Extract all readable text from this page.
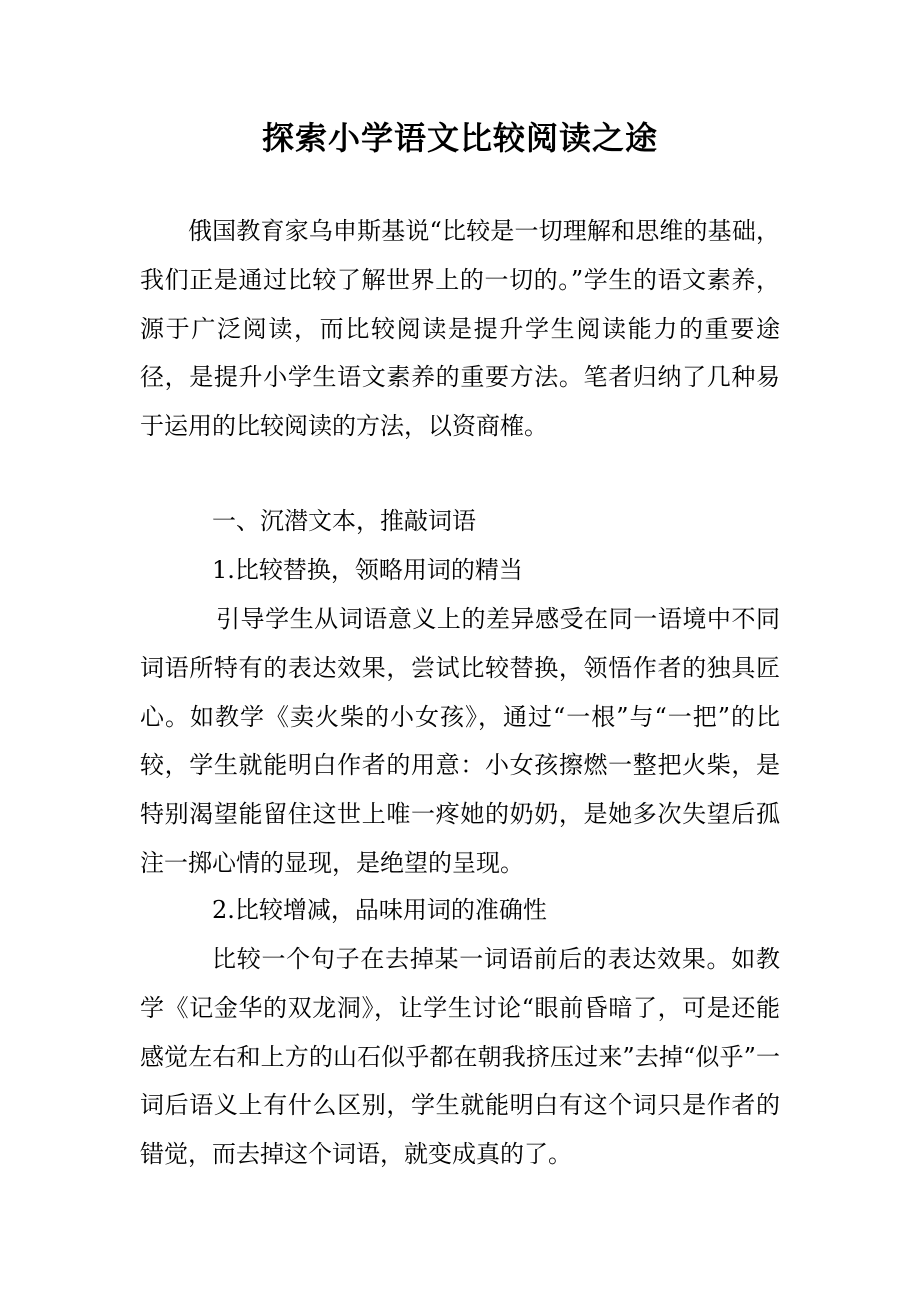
探索小学语文比较阅读之途

俄国教育家乌申斯基说“比较是一切理解和思维的基础，我们正是通过比较了解世界上的一切的。”学生的语文素养，源于广泛阅读，而比较阅读是提升学生阅读能力的重要途径，是提升小学生语文素养的重要方法。笔者归纳了几种易于运用的比较阅读的方法，以资商榷。

一、沉潜文本，推敲词语

1.比较替换，领略用词的精当

引导学生从词语意义上的差异感受在同一语境中不同词语所特有的表达效果，尝试比较替换，领悟作者的独具匠心。如教学《卖火柴的小女孩》，通过“一根”与“一把”的比较，学生就能明白作者的用意：小女孩擦燃一整把火柴，是特别渴望能留住这世上唯一疼她的奶奶，是她多次失望后孤注一掷心情的显现，是绝望的呈现。

2.比较增减，品味用词的准确性

比较一个句子在去掉某一词语前后的表达效果。如教学《记金华的双龙洞》，让学生讨论“眼前昏暗了，可是还能感觉左右和上方的山石似乎都在朝我挤压过来”去掉“似乎”一词后语义上有什么区别，学生就能明白有这个词只是作者的错觉，而去掉这个词语，就变成真的了。
